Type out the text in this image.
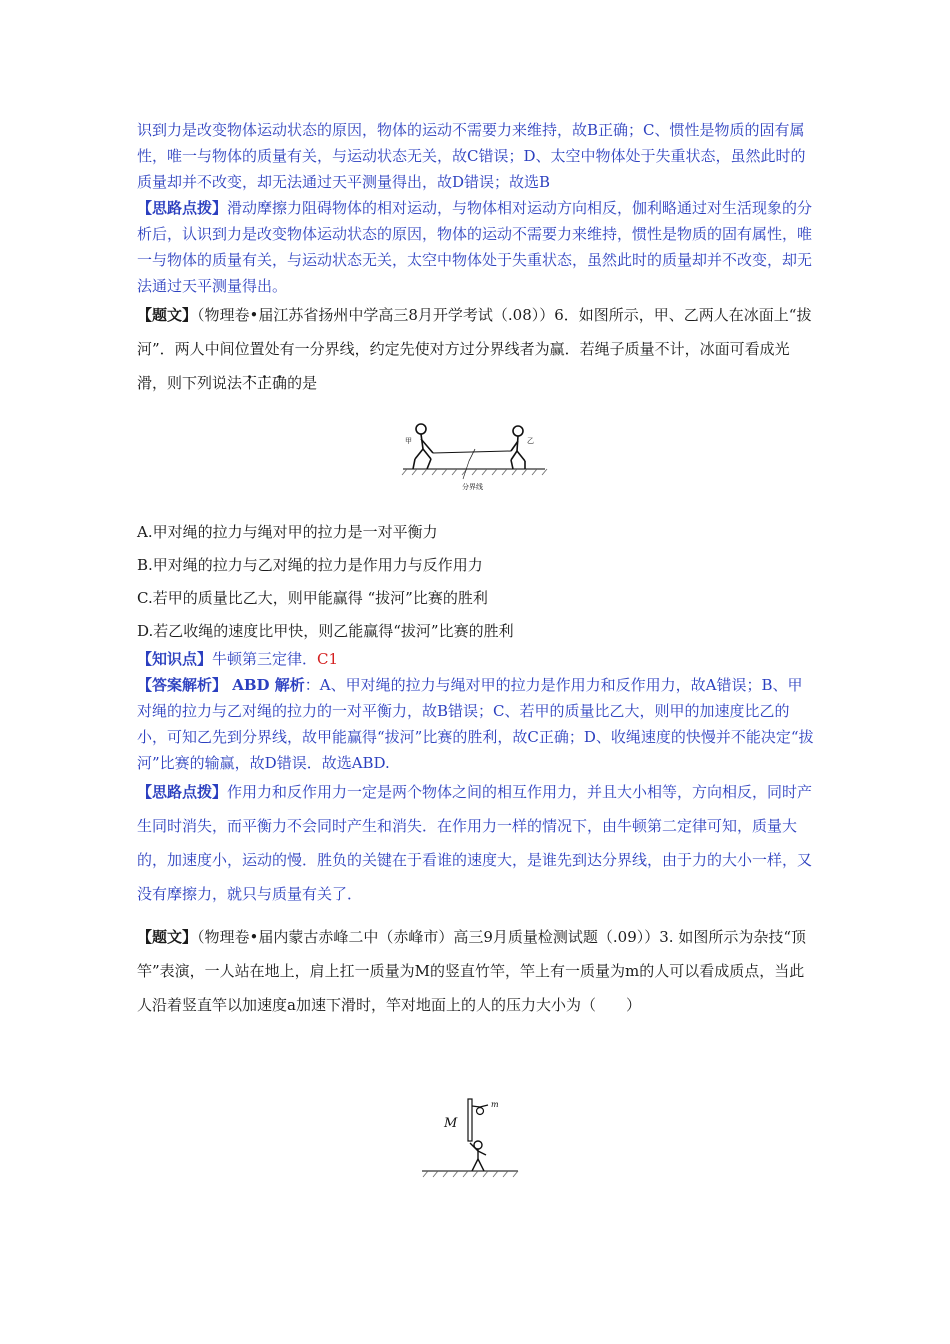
识到力是改变物体运动状态的原因，物体的运动不需要力来维持，故B正确；C、惯性是物质的固有属性，唯一与物体的质量有关，与运动状态无关，故C错误；D、太空中物体处于失重状态，虽然此时的质量却并不改变，却无法通过天平测量得出，故D错误；故选B

【思路点拨】滑动摩擦力阻碍物体的相对运动，与物体相对运动方向相反，伽利略通过对生活现象的分析后，认识到力是改变物体运动状态的原因，物体的运动不需要力来维持，惯性是物质的固有属性，唯一与物体的质量有关，与运动状态无关，太空中物体处于失重状态，虽然此时的质量却并不改变，却无法通过天平测量得出。

【题文】（物理卷•届江苏省扬州中学高三8月开学考试（.08））6．如图所示，甲、乙两人在冰面上“拔河”．两人中间位置处有一分界线，约定先使对方过分界线者为赢．若绳子质量不计，冰面可看成光滑，则下列说法不正确的是

甲	乙
分界线
A.甲对绳的拉力与绳对甲的拉力是一对平衡力
B.甲对绳的拉力与乙对绳的拉力是作用力与反作用力
C.若甲的质量比乙大，则甲能赢得 “拔河”比赛的胜利
D.若乙收绳的速度比甲快，则乙能赢得“拔河”比赛的胜利

【知识点】牛顿第三定律．C1

【答案解析】 ABD 解析：A、甲对绳的拉力与绳对甲的拉力是作用力和反作用力，故A错误；B、甲对绳的拉力与乙对绳的拉力的一对平衡力，故B错误；C、若甲的质量比乙大，则甲的加速度比乙的小，可知乙先到分界线，故甲能赢得“拔河”比赛的胜利，故C正确；D、收绳速度的快慢并不能决定“拔河”比赛的输赢，故D错误．故选ABD.

【思路点拨】作用力和反作用力一定是两个物体之间的相互作用力，并且大小相等，方向相反，同时产生同时消失，而平衡力不会同时产生和消失．在作用力一样的情况下，由牛顿第二定律可知，质量大的，加速度小，运动的慢．胜负的关键在于看谁的速度大，是谁先到达分界线，由于力的大小一样，又没有摩擦力，就只与质量有关了．

【题文】（物理卷•届内蒙古赤峰二中（赤峰市）高三9月质量检测试题（.09））3. 如图所示为杂技“顶竿”表演，一人站在地上，肩上扛一质量为M的竖直竹竿，竿上有一质量为m的人可以看成质点，当此人沿着竖直竿以加速度a加速下滑时，竿对地面上的人的压力大小为（　　）

M
m
